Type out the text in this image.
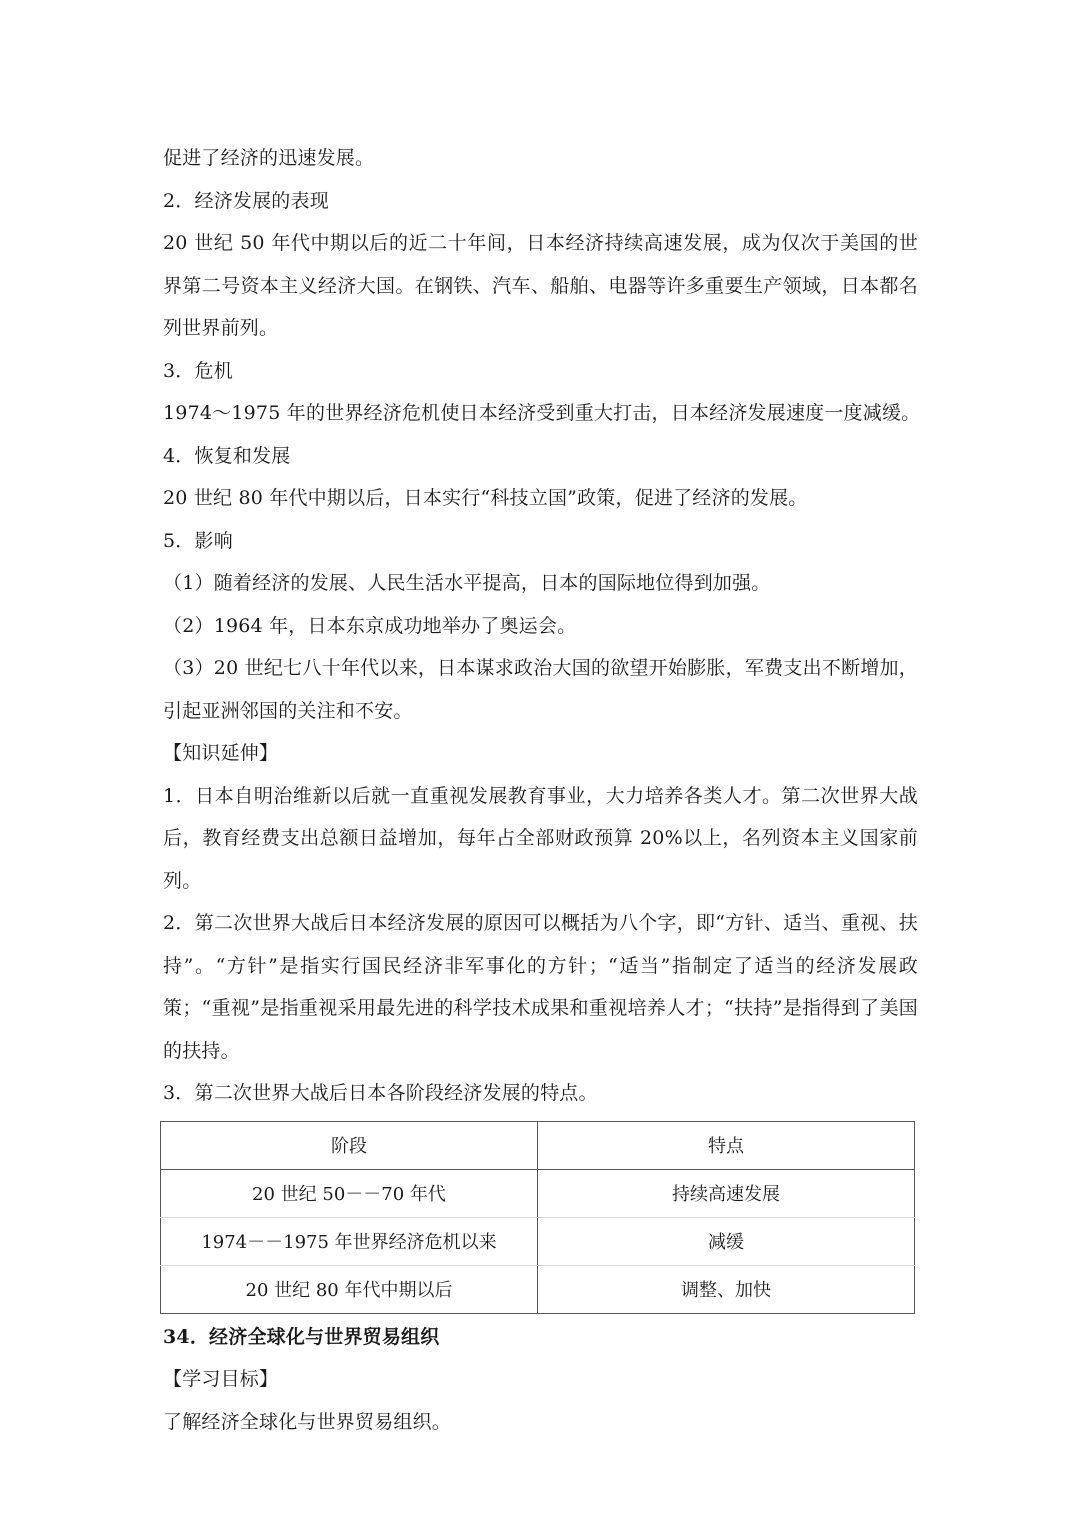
促进了经济的迅速发展。
2．经济发展的表现
20 世纪 50 年代中期以后的近二十年间，日本经济持续高速发展，成为仅次于美国的世界第二号资本主义经济大国。在钢铁、汽车、船舶、电器等许多重要生产领域，日本都名列世界前列。
3．危机
1974～1975 年的世界经济危机使日本经济受到重大打击，日本经济发展速度一度减缓。
4．恢复和发展
20 世纪 80 年代中期以后，日本实行“科技立国”政策，促进了经济的发展。
5．影响
（1）随着经济的发展、人民生活水平提高，日本的国际地位得到加强。
（2）1964 年，日本东京成功地举办了奥运会。
（3）20 世纪七八十年代以来，日本谋求政治大国的欲望开始膨胀，军费支出不断增加，引起亚洲邻国的关注和不安。
【知识延伸】
1．日本自明治维新以后就一直重视发展教育事业，大力培养各类人才。第二次世界大战后，教育经费支出总额日益增加，每年占全部财政预算 20%以上，名列资本主义国家前列。
2．第二次世界大战后日本经济发展的原因可以概括为八个字，即“方针、适当、重视、扶持”。“方针”是指实行国民经济非军事化的方针；“适当”指制定了适当的经济发展政策；“重视”是指重视采用最先进的科学技术成果和重视培养人才；“扶持”是指得到了美国的扶持。
3．第二次世界大战后日本各阶段经济发展的特点。
阶段	特点
20 世纪 50－－70 年代	持续高速发展
1974－－1975 年世界经济危机以来	减缓
20 世纪 80 年代中期以后	调整、加快
34．经济全球化与世界贸易组织
【学习目标】
了解经济全球化与世界贸易组织。
